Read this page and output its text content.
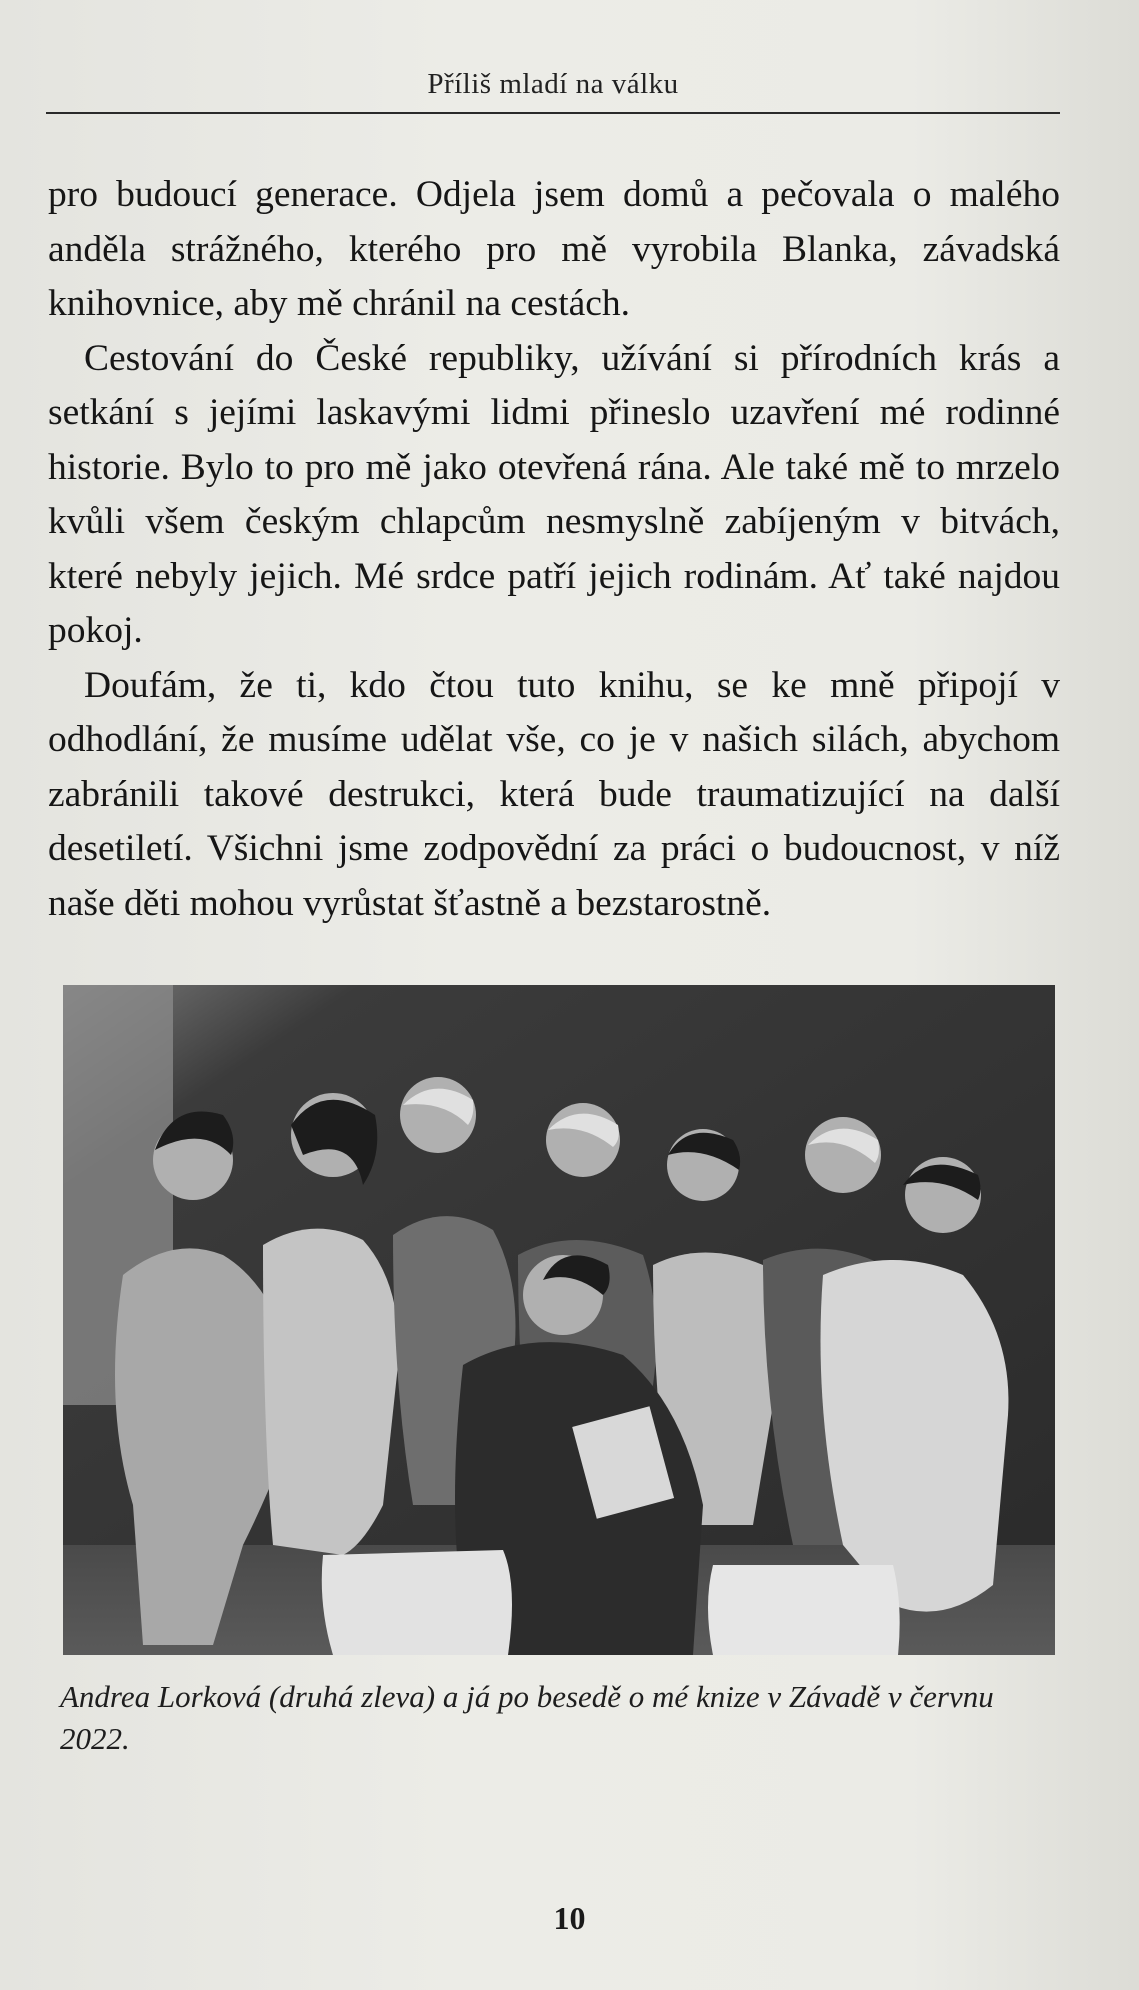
Příliš mladí na válku

pro budoucí generace. Odjela jsem domů a pečovala o malého anděla strážného, kterého pro mě vyrobila Blanka, závadská knihovnice, aby mě chránil na cestách.

Cestování do České republiky, užívání si přírodních krás a setkání s jejími laskavými lidmi přineslo uzavření mé rodinné historie. Bylo to pro mě jako otevřená rána. Ale také mě to mrzelo kvůli všem českým chlapcům nesmyslně zabíjeným v bitvách, které nebyly jejich. Mé srdce patří jejich rodinám. Ať také najdou pokoj.

Doufám, že ti, kdo čtou tuto knihu, se ke mně připojí v odhodlání, že musíme udělat vše, co je v našich silách, abychom zabránili takové destrukci, která bude traumatizující na další desetiletí. Všichni jsme zodpovědní za práci o budoucnost, v níž naše děti mohou vyrůstat šťastně a bezstarostně.

Andrea Lorková (druhá zleva) a já po besedě o mé knize v Závadě v červnu 2022.
10
